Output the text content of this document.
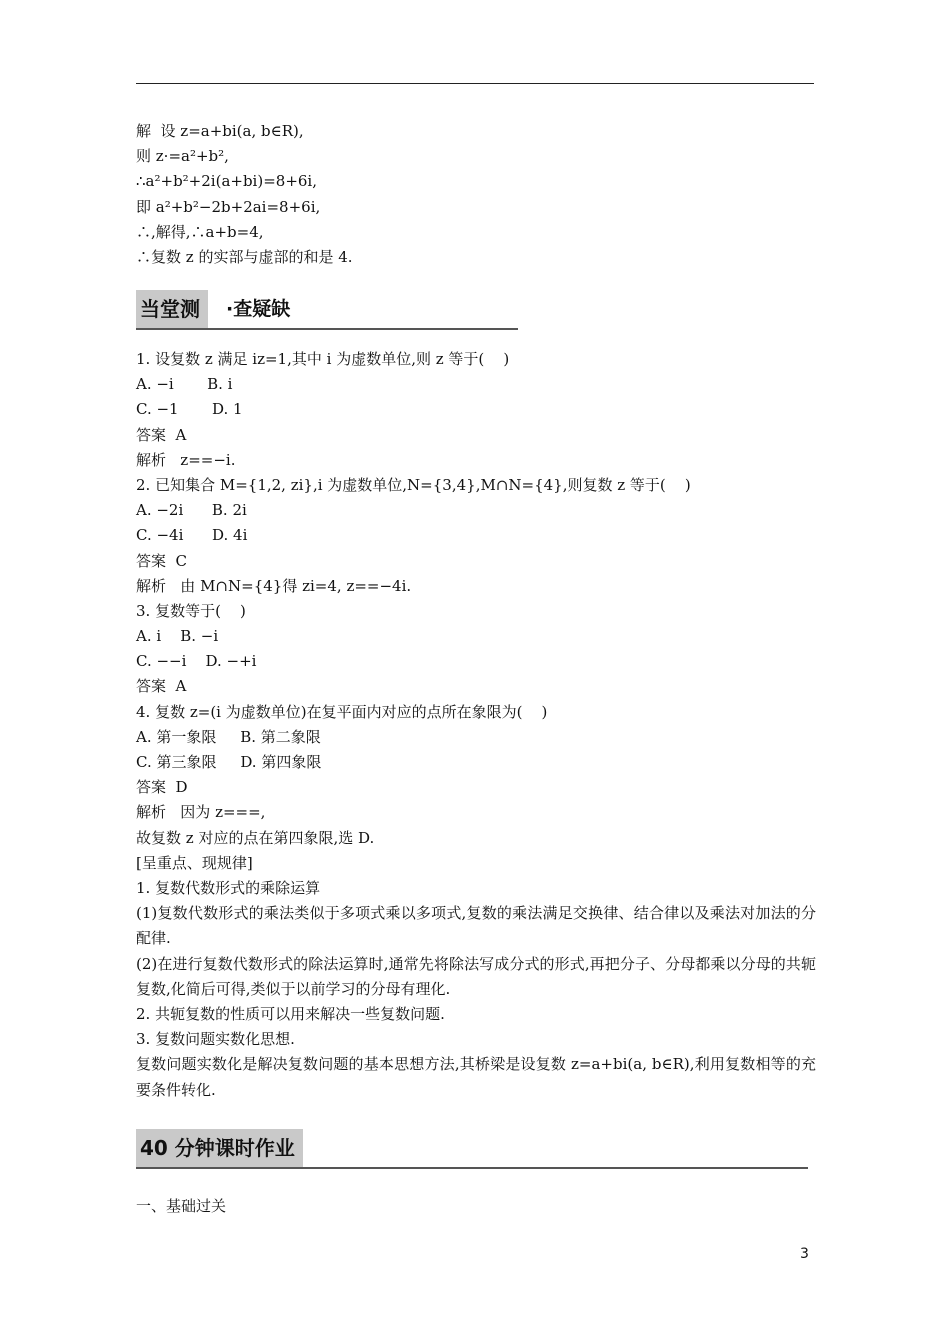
解  设 z=a+bi(a, b∈R),
则 z·=a²+b²,
∴a²+b²+2i(a+bi)=8+6i,
即 a²+b²−2b+2ai=8+6i,
∴,解得,∴a+b=4,
∴复数 z 的实部与虚部的和是 4.
当堂测	·查疑缺
1. 设复数 z 满足 iz=1,其中 i 为虚数单位,则 z 等于(    )
A. −i       B. i
C. −1       D. 1
答案  A
解析   z==−i.
2. 已知集合 M={1,2, zi},i 为虚数单位,N={3,4},M∩N={4},则复数 z 等于(    )
A. −2i      B. 2i
C. −4i      D. 4i
答案  C
解析   由 M∩N={4}得 zi=4, z==−4i.
3. 复数等于(    )
A. i    B. −i
C. −−i    D. −+i
答案  A
4. 复数 z=(i 为虚数单位)在复平面内对应的点所在象限为(    )
A. 第一象限     B. 第二象限
C. 第三象限     D. 第四象限
答案  D
解析   因为 z===,
故复数 z 对应的点在第四象限,选 D.
[呈重点、现规律]
1. 复数代数形式的乘除运算
(1)复数代数形式的乘法类似于多项式乘以多项式,复数的乘法满足交换律、结合律以及乘法对加法的分配律.
(2)在进行复数代数形式的除法运算时,通常先将除法写成分式的形式,再把分子、分母都乘以分母的共轭复数,化简后可得,类似于以前学习的分母有理化.
2. 共轭复数的性质可以用来解决一些复数问题.
3. 复数问题实数化思想.
复数问题实数化是解决复数问题的基本思想方法,其桥梁是设复数 z=a+bi(a, b∈R),利用复数相等的充要条件转化.
40 分钟课时作业
一、基础过关
3
